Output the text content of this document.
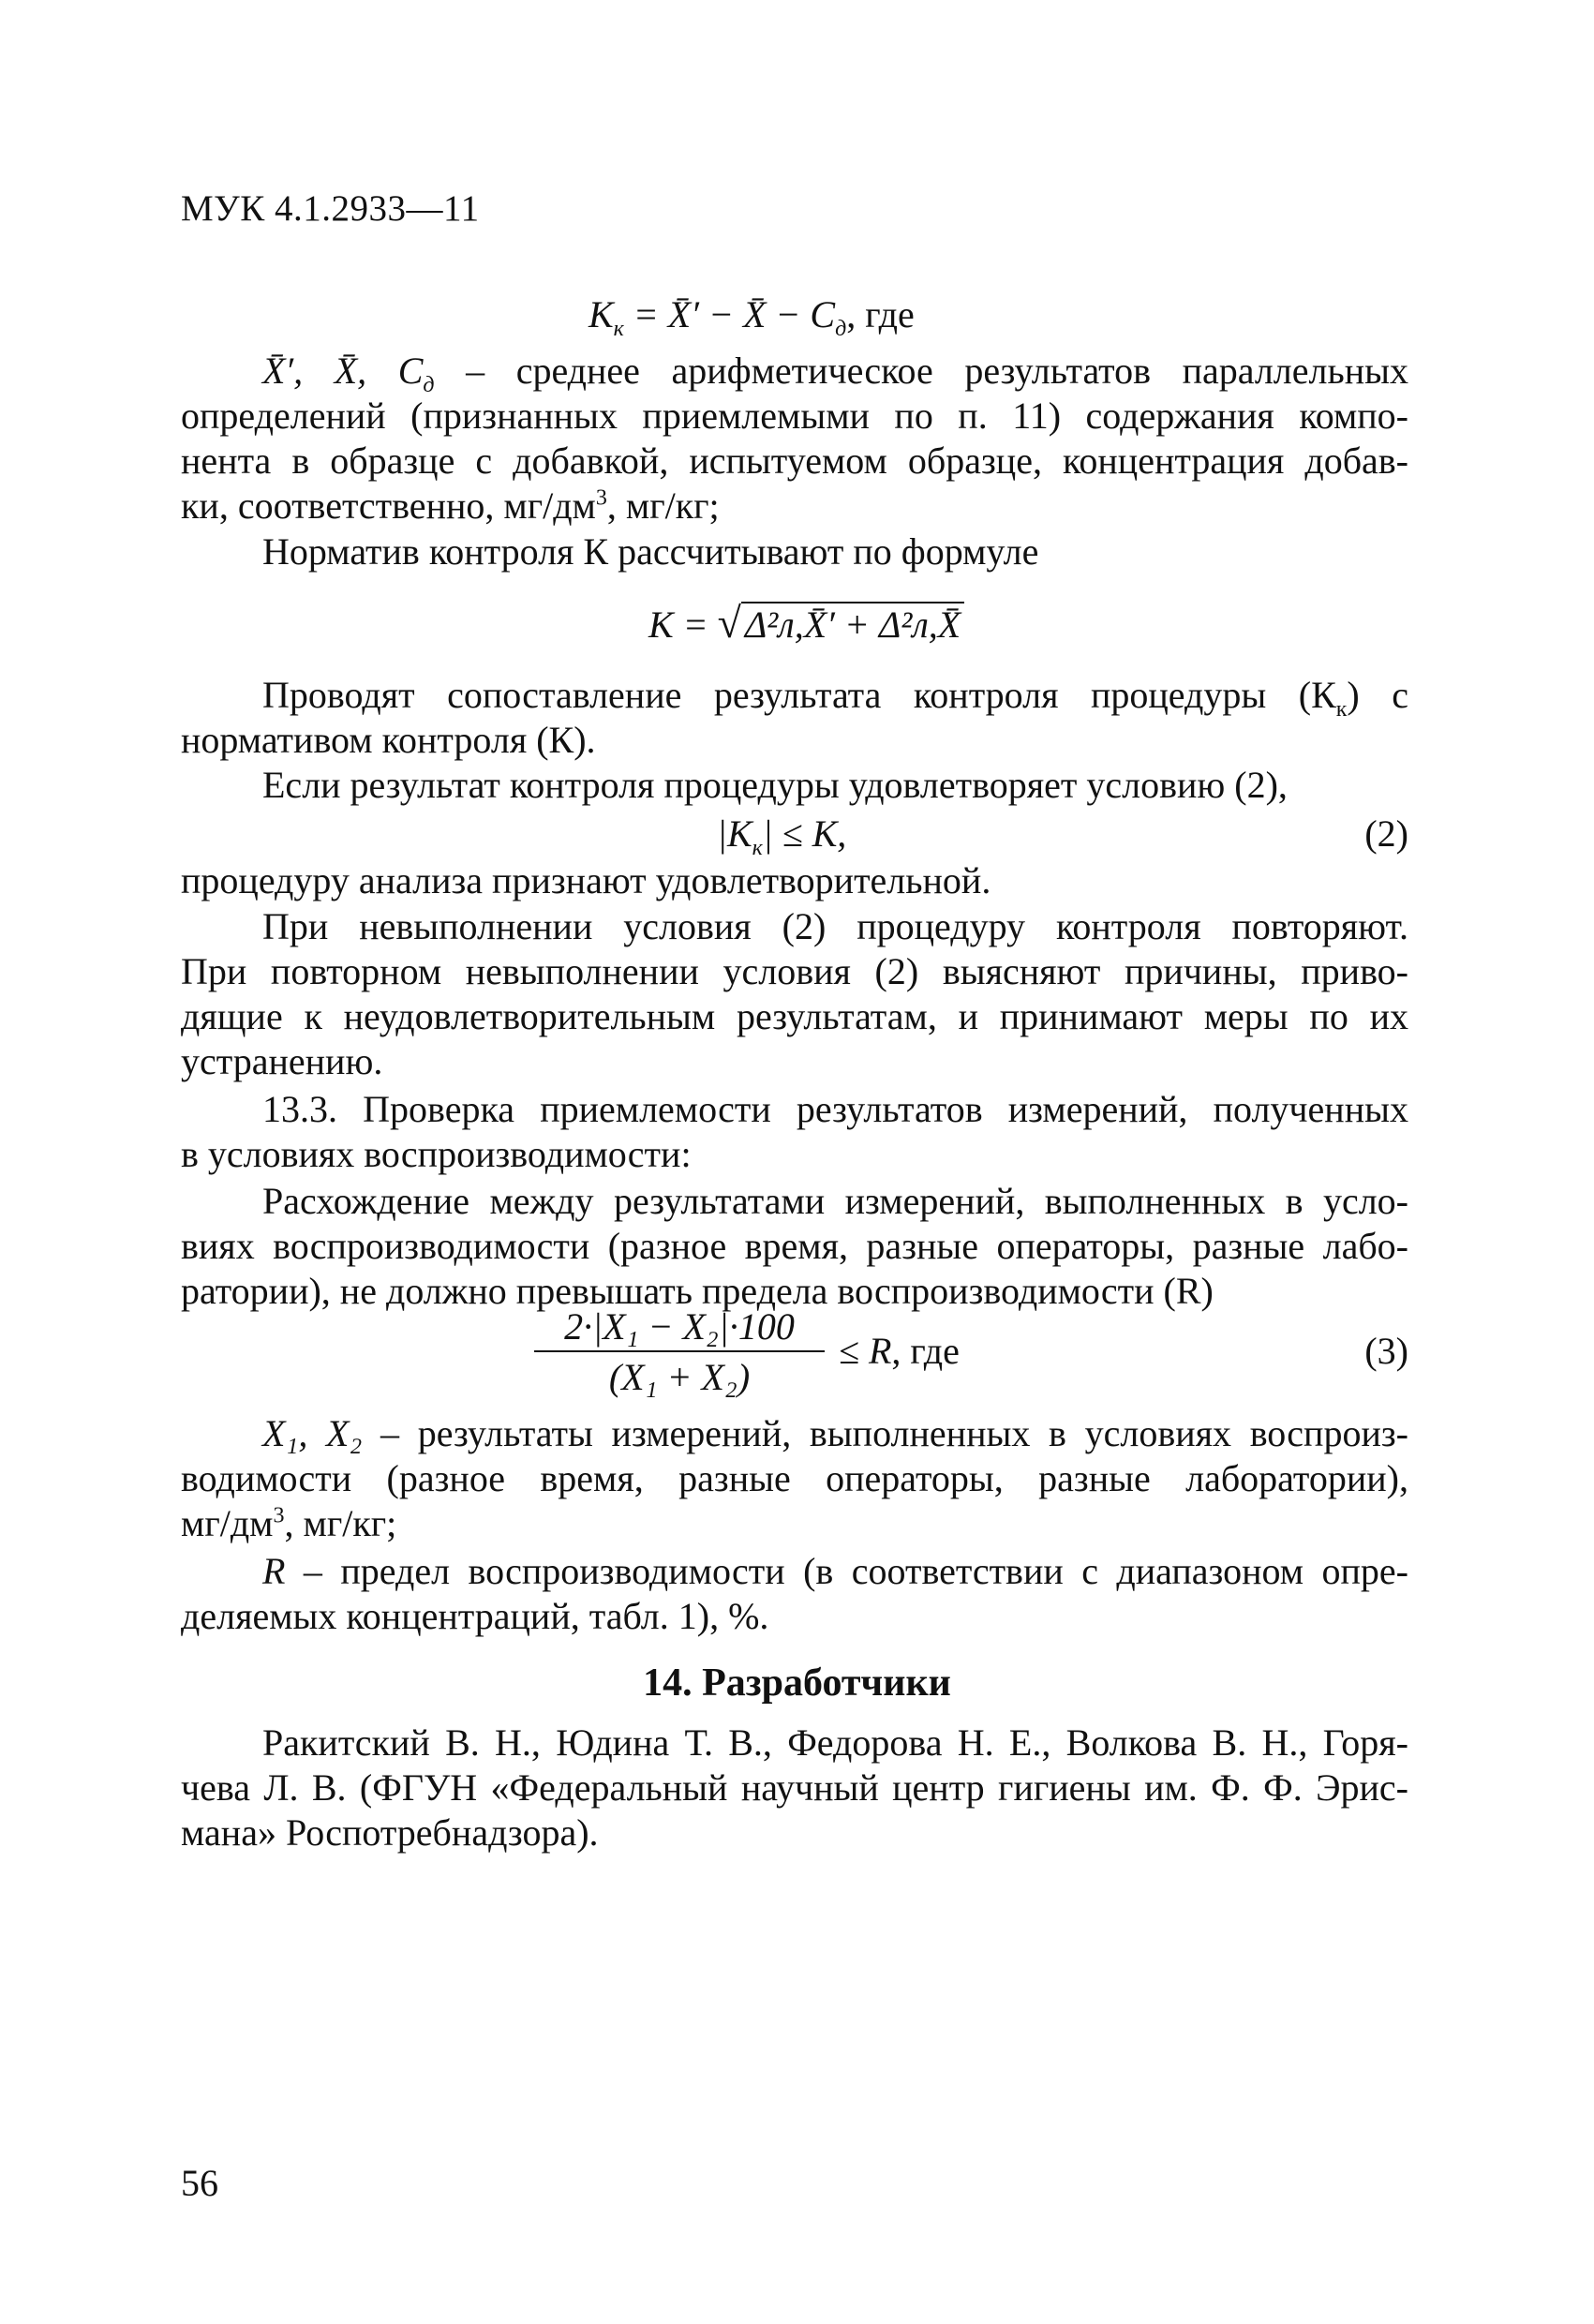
МУК 4.1.2933—11
$К_к$ = X̄′ − X̄ − $C_д$, где
X̄′, X̄, $C_д$ – среднее арифметическое результатов параллельных
определений (признанных приемлемыми по п. 11) содержания компо-
нента в образце с добавкой, испытуемом образце, концентрация добав-
ки, соответственно, $мг/дм^3$, мг/кг;
Норматив контроля К рассчитывают по формуле
К = √ Δ²л,X̄′ + Δ²л,X̄
Проводят сопоставление результата контроля процедуры $(К_к)$ с
нормативом контроля (К).
Если результат контроля процедуры удовлетворяет условию (2),
$|К_к| \le К$,	(2)
процедуру анализа признают удовлетворительной.
При невыполнении условия (2) процедуру контроля повторяют.
При повторном невыполнении условия (2) выясняют причины, приво-
дящие к неудовлетворительным результатам, и принимают меры по их
устранению.
13.3. Проверка приемлемости результатов измерений, полученных
в условиях воспроизводимости:
Расхождение между результатами измерений, выполненных в усло-
виях воспроизводимости (разное время, разные операторы, разные лабо-
ратории), не должно превышать предела воспроизводимости (R)
2·|X₁ − X₂|·100
(X₁ + X₂)
≤ R, где	(3)
X₁, X₂ – результаты измерений, выполненных в условиях воспроиз-
водимости (разное время, разные операторы, разные лаборатории),
$мг/дм^3$, мг/кг;
R – предел воспроизводимости (в соответствии с диапазоном опре-
деляемых концентраций, табл. 1), %.
14. Разработчики
Ракитский В. Н., Юдина Т. В., Федорова Н. Е., Волкова В. Н., Горя-
чева Л. В. (ФГУН «Федеральный научный центр гигиены им. Ф. Ф. Эрис-
мана» Роспотребнадзора).
56
